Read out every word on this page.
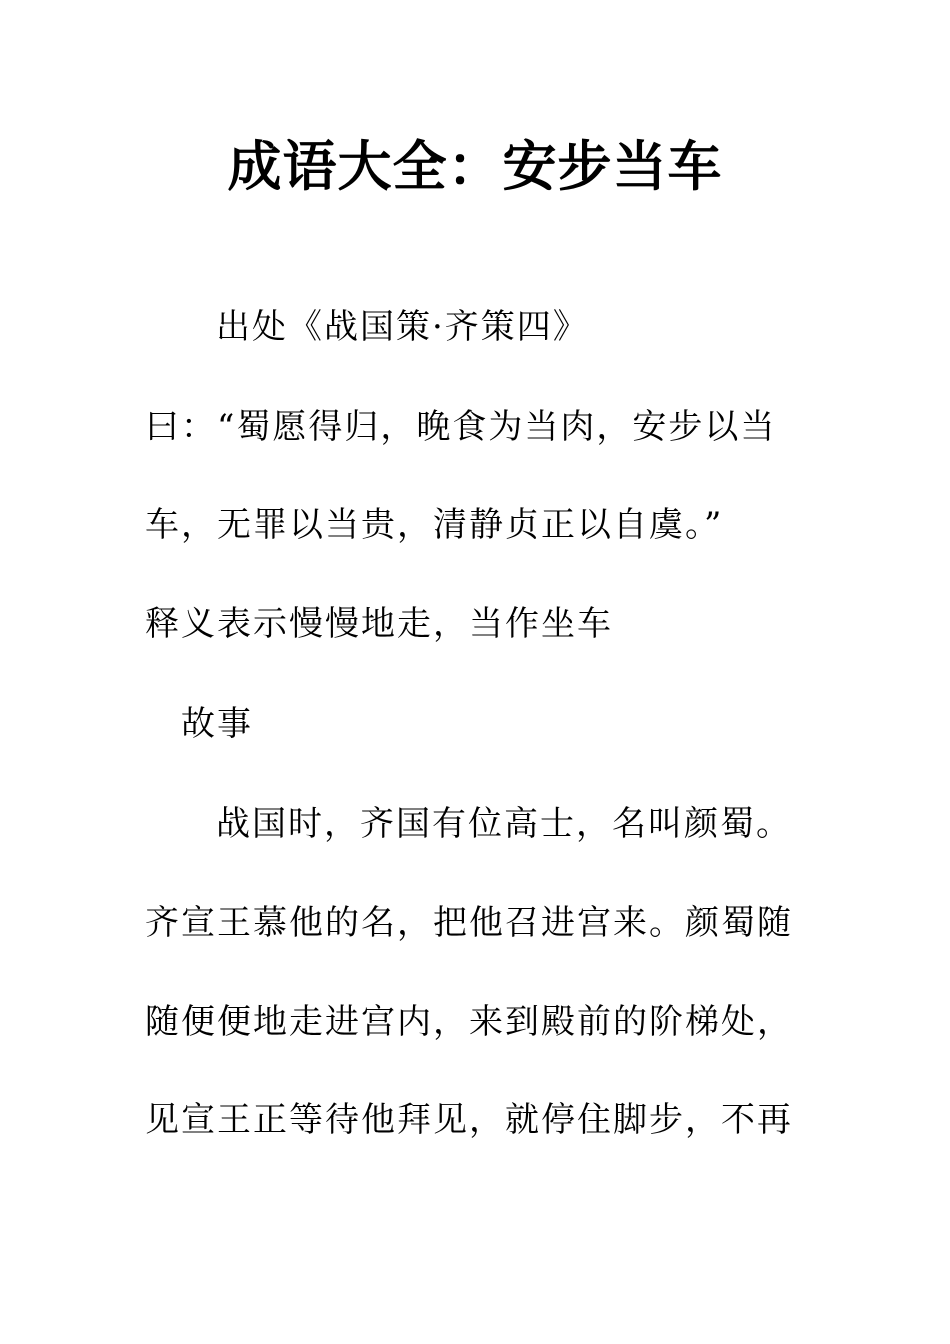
成语大全：安步当车
出处《战国策·齐策四》
曰：“蜀愿得归，晚食为当肉，安步以当
车，无罪以当贵，清静贞正以自虞。”
释义表示慢慢地走，当作坐车
故事
战国时，齐国有位高士，名叫颜蜀。
齐宣王慕他的名，把他召进宫来。颜蜀随
随便便地走进宫内，来到殿前的阶梯处，
见宣王正等待他拜见，就停住脚步，不再
